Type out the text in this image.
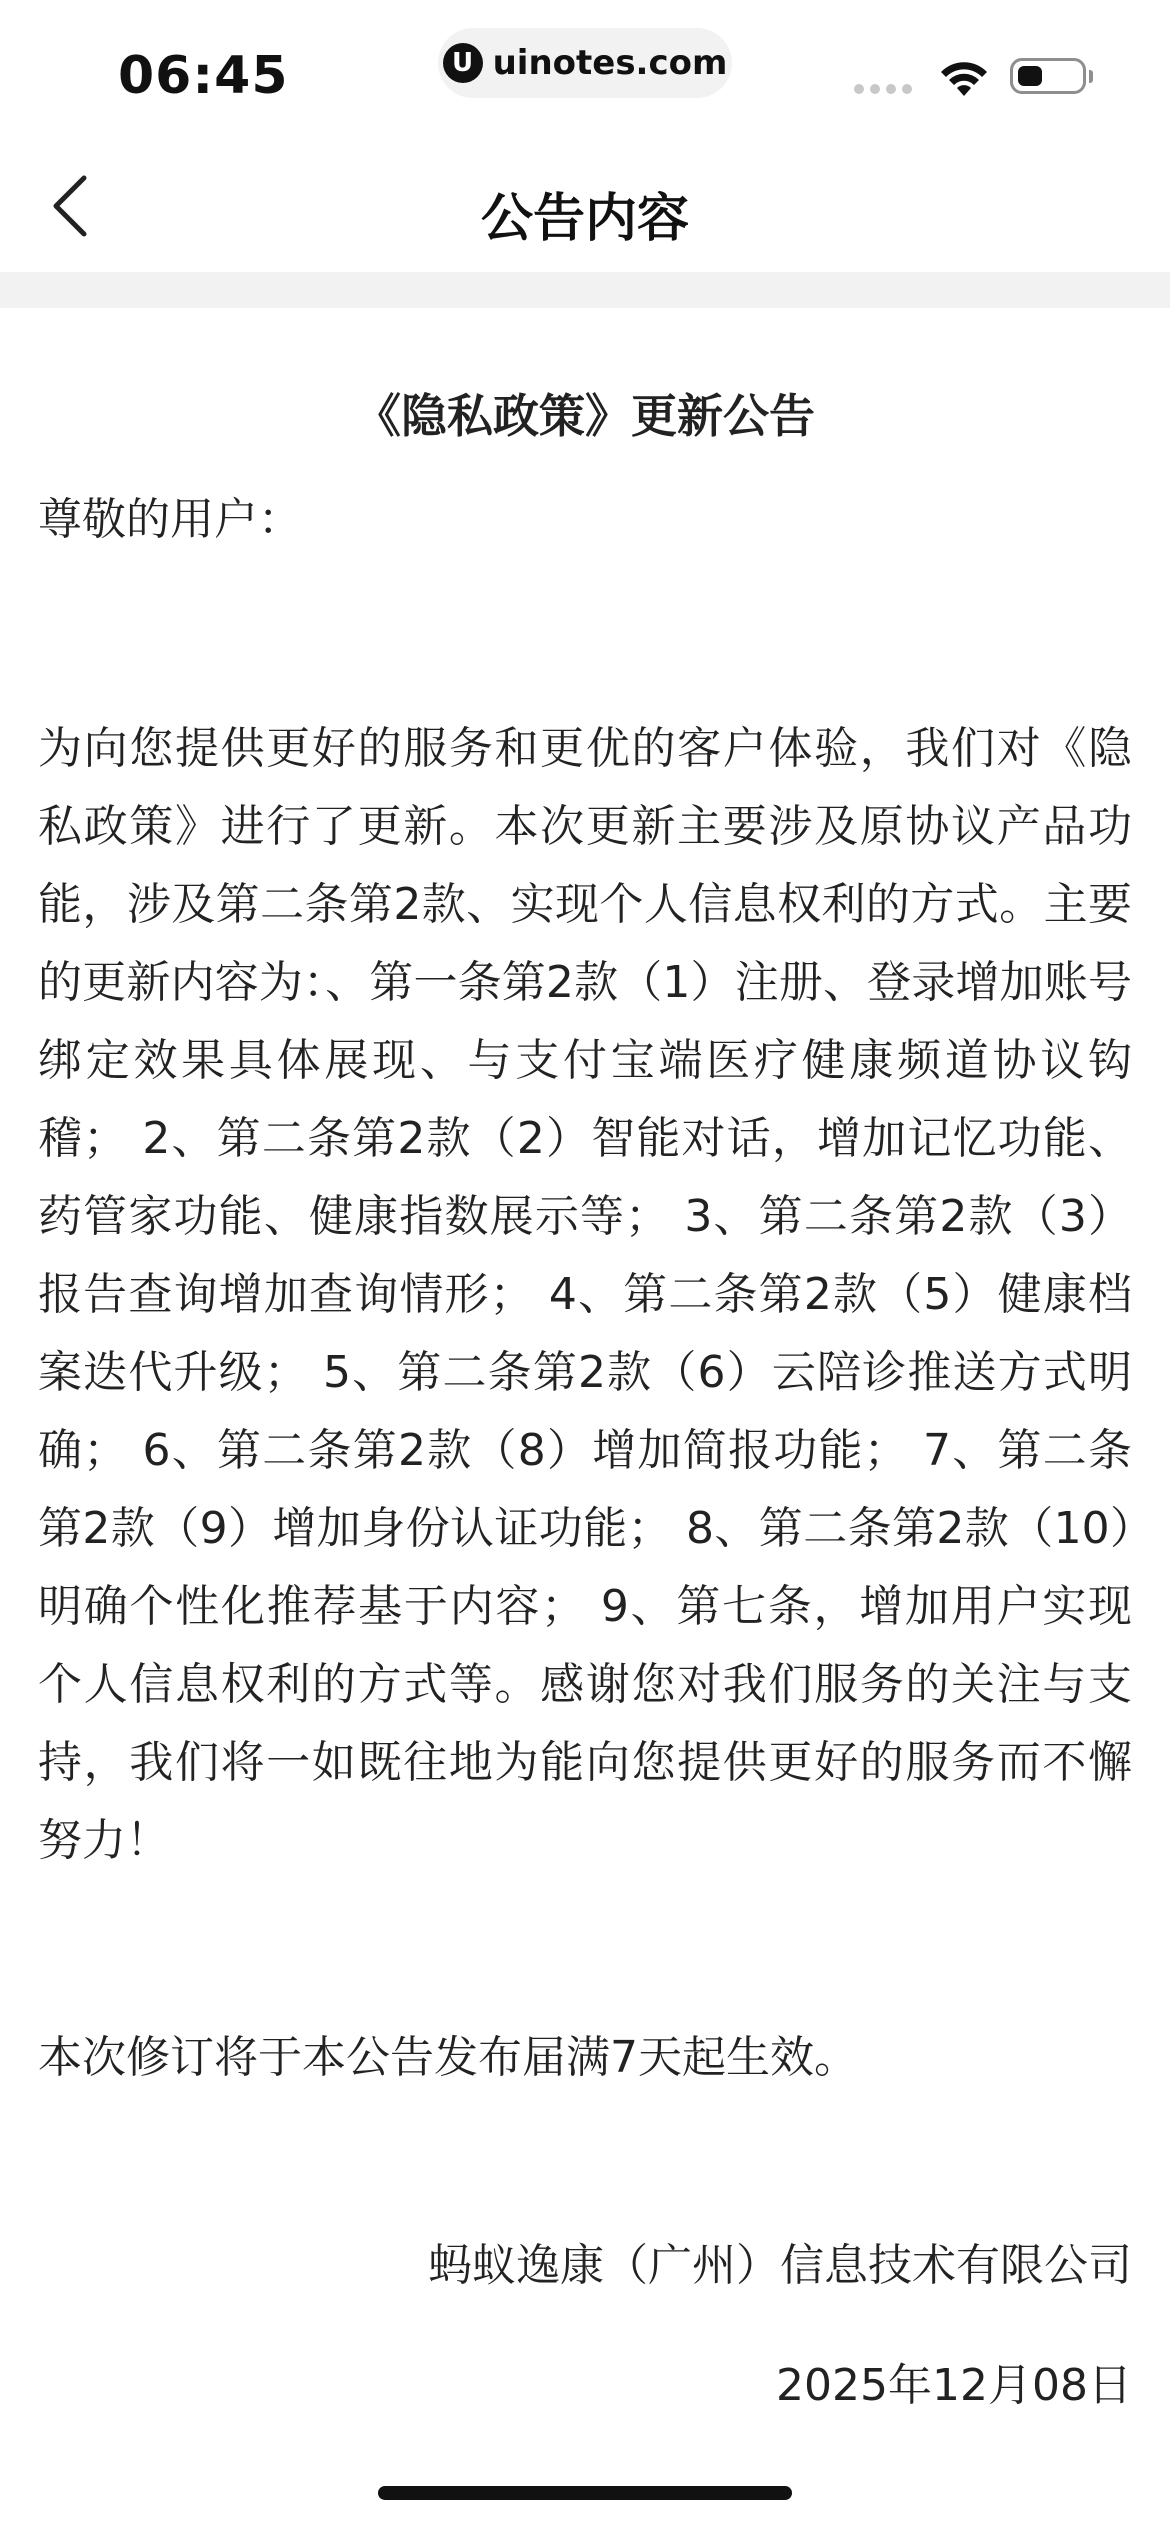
06:45	U uinotes.com
公告内容
《隐私政策》更新公告
尊敬的用户：
为向您提供更好的服务和更优的客户体验，我们对《隐私政策》进行了更新。本次更新主要涉及原协议产品功能，涉及第二条第2款、实现个人信息权利的方式。主要的更新内容为：、第一条第2款（1）注册、登录增加账号绑定效果具体展现、与支付宝端医疗健康频道协议钩稽； 2、第二条第2款（2）智能对话，增加记忆功能、药管家功能、健康指数展示等； 3、第二条第2款（3）报告查询增加查询情形； 4、第二条第2款（5）健康档案迭代升级； 5、第二条第2款（6）云陪诊推送方式明确； 6、第二条第2款（8）增加简报功能； 7、第二条第2款（9）增加身份认证功能； 8、第二条第2款（10）明确个性化推荐基于内容； 9、第七条，增加用户实现个人信息权利的方式等。感谢您对我们服务的关注与支持，我们将一如既往地为能向您提供更好的服务而不懈努力！
本次修订将于本公告发布届满7天起生效。
蚂蚁逸康（广州）信息技术有限公司
2025年12月08日
